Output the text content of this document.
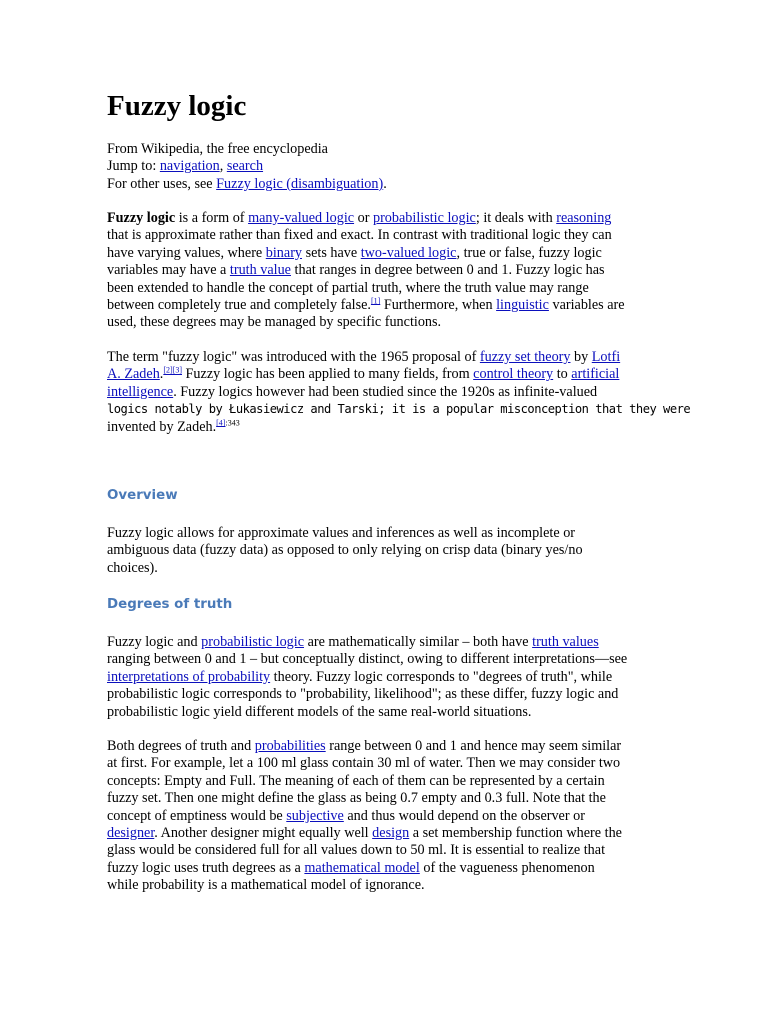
Fuzzy logic
From Wikipedia, the free encyclopedia
Jump to: navigation, search
For other uses, see Fuzzy logic (disambiguation).
Fuzzy logic is a form of many-valued logic or probabilistic logic; it deals with reasoning
that is approximate rather than fixed and exact. In contrast with traditional logic they can
have varying values, where binary sets have two-valued logic, true or false, fuzzy logic
variables may have a truth value that ranges in degree between 0 and 1. Fuzzy logic has
been extended to handle the concept of partial truth, where the truth value may range
between completely true and completely false.[1] Furthermore, when linguistic variables are
used, these degrees may be managed by specific functions.
The term "fuzzy logic" was introduced with the 1965 proposal of fuzzy set theory by Lotfi
A. Zadeh.[2][3] Fuzzy logic has been applied to many fields, from control theory to artificial
intelligence. Fuzzy logics however had been studied since the 1920s as infinite-valued
logics notably by Łukasiewicz and Tarski; it is a popular misconception that they were
invented by Zadeh.$^{[4]:343}$
Overview
Fuzzy logic allows for approximate values and inferences as well as incomplete or
ambiguous data (fuzzy data) as opposed to only relying on crisp data (binary yes/no
choices).
Degrees of truth
Fuzzy logic and probabilistic logic are mathematically similar – both have truth values
ranging between 0 and 1 – but conceptually distinct, owing to different interpretations—see
interpretations of probability theory. Fuzzy logic corresponds to "degrees of truth", while
probabilistic logic corresponds to "probability, likelihood"; as these differ, fuzzy logic and
probabilistic logic yield different models of the same real-world situations.
Both degrees of truth and probabilities range between 0 and 1 and hence may seem similar
at first. For example, let a 100 ml glass contain 30 ml of water. Then we may consider two
concepts: Empty and Full. The meaning of each of them can be represented by a certain
fuzzy set. Then one might define the glass as being 0.7 empty and 0.3 full. Note that the
concept of emptiness would be subjective and thus would depend on the observer or
designer. Another designer might equally well design a set membership function where the
glass would be considered full for all values down to 50 ml. It is essential to realize that
fuzzy logic uses truth degrees as a mathematical model of the vagueness phenomenon
while probability is a mathematical model of ignorance.
